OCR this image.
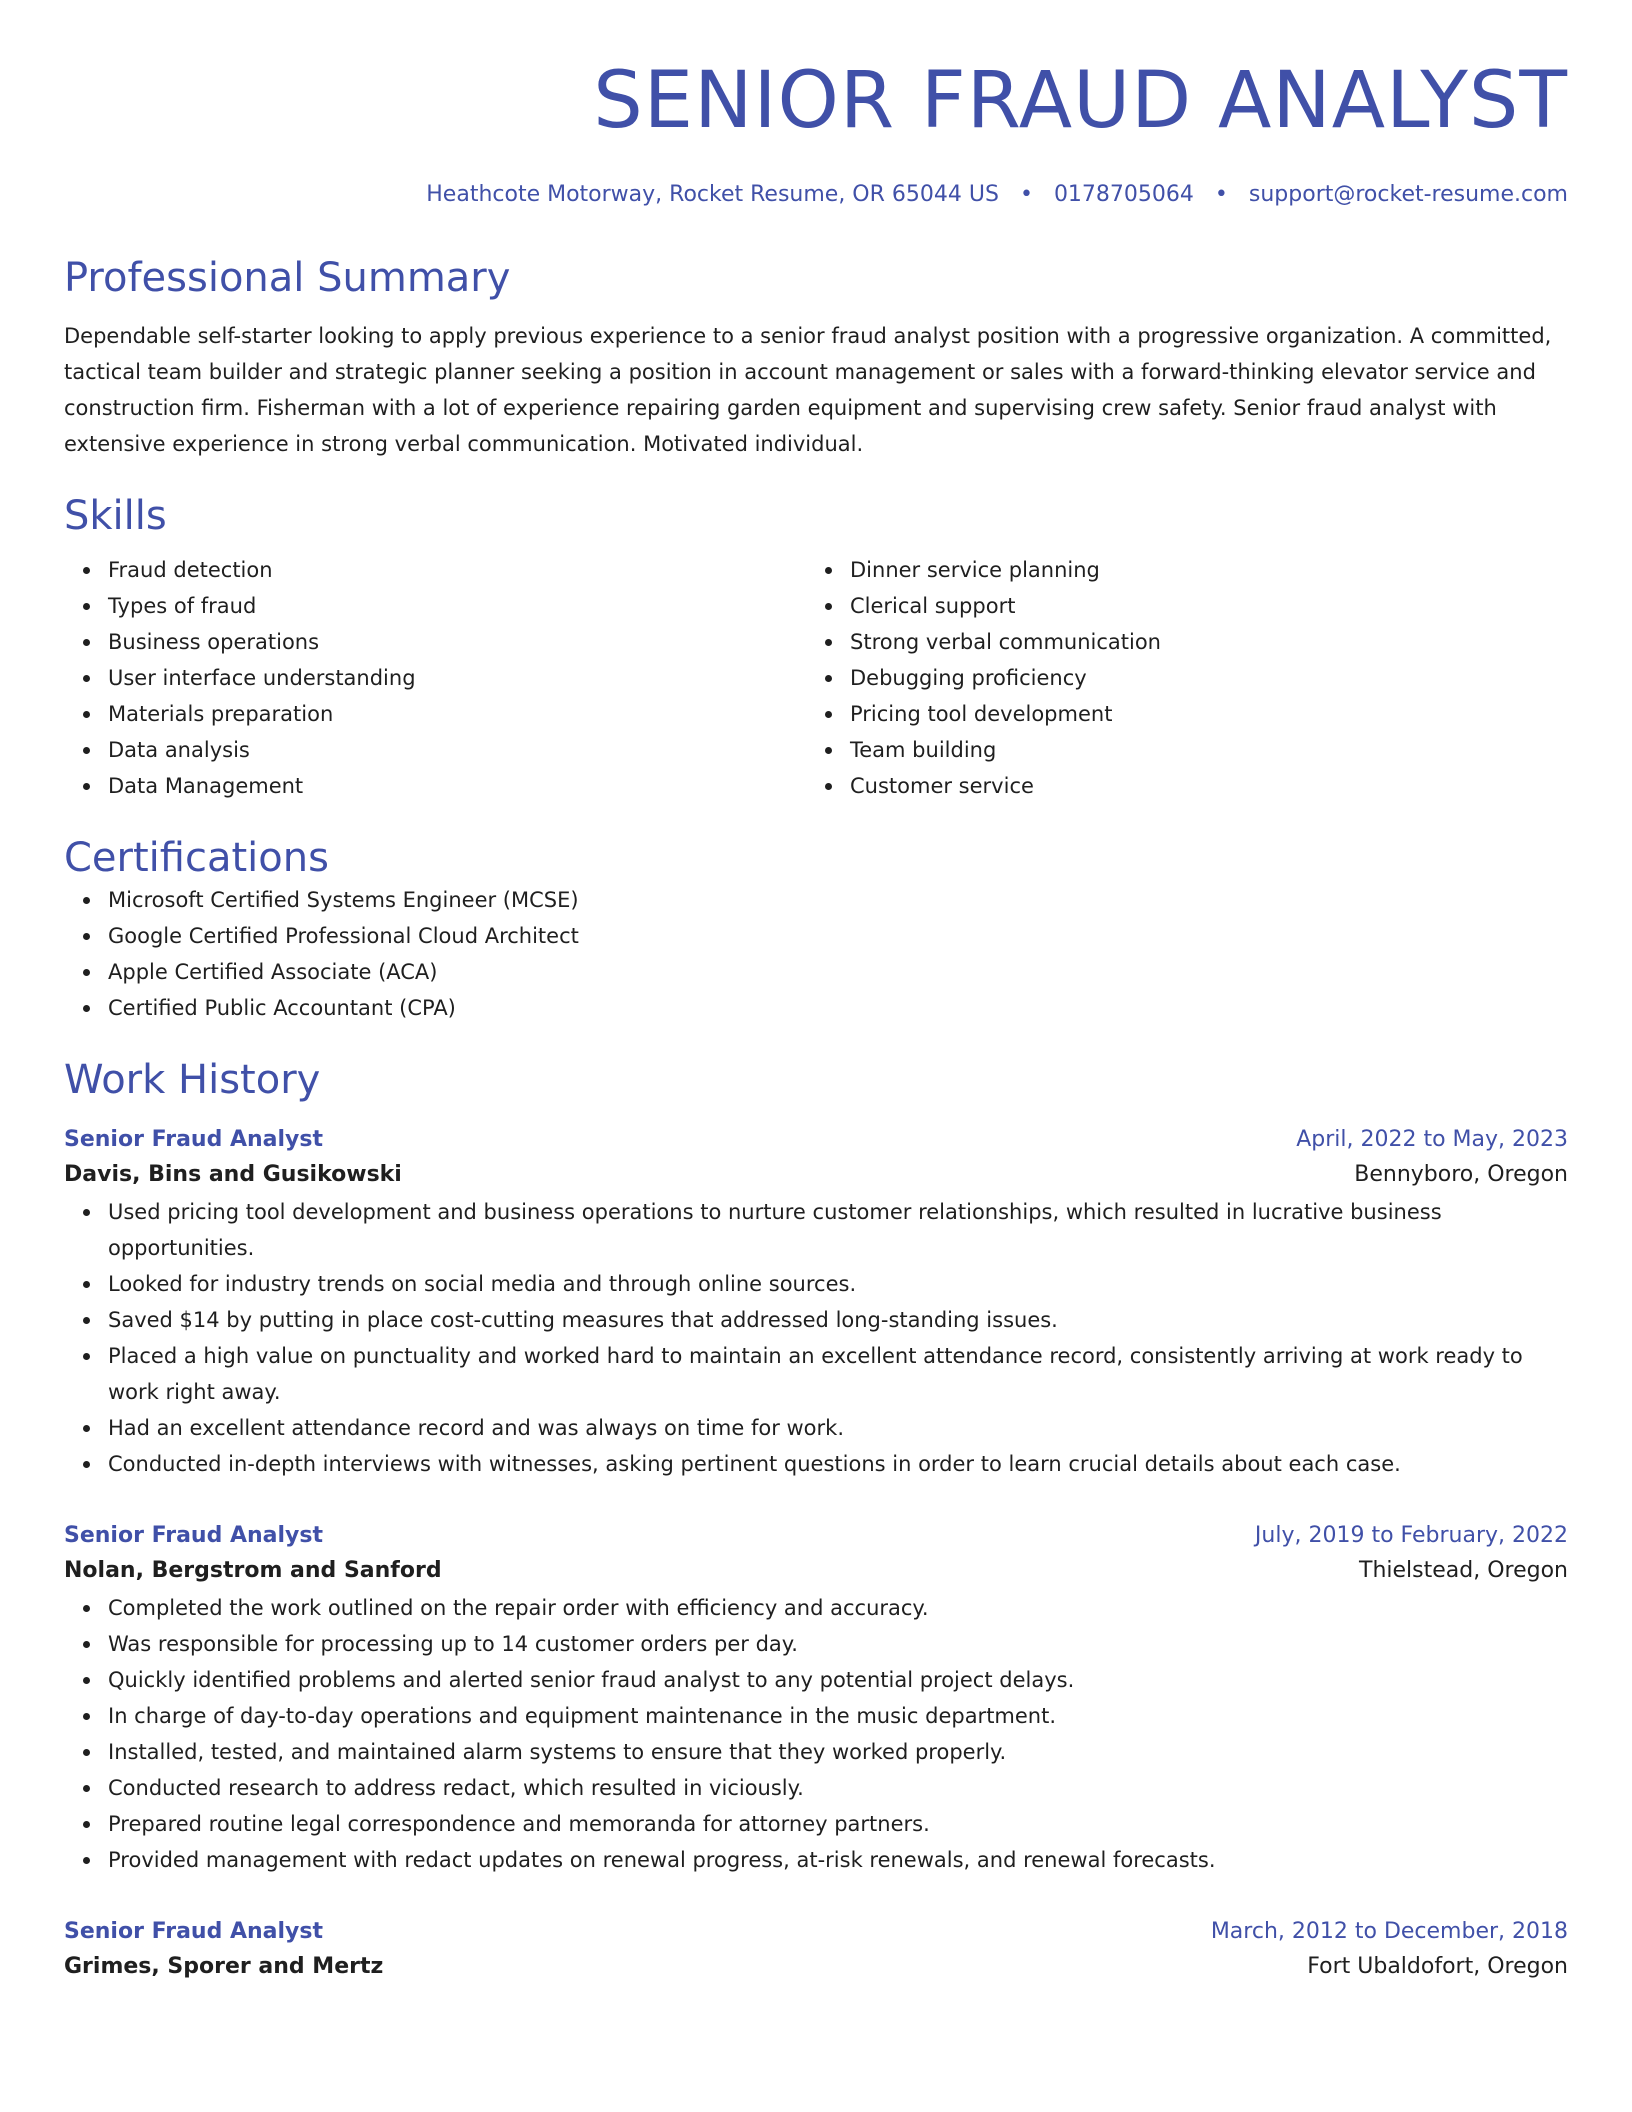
SENIOR FRAUD ANALYST
Heathcote Motorway, Rocket Resume, OR 65044 US • 0178705064 • support@rocket-resume.com
Professional Summary
Dependable self-starter looking to apply previous experience to a senior fraud analyst position with a progressive organization. A committed, tactical team builder and strategic planner seeking a position in account management or sales with a forward-thinking elevator service and construction firm. Fisherman with a lot of experience repairing garden equipment and supervising crew safety. Senior fraud analyst with extensive experience in strong verbal communication. Motivated individual.
Skills
Fraud detection
Types of fraud
Business operations
User interface understanding
Materials preparation
Data analysis
Data Management
Dinner service planning
Clerical support
Strong verbal communication
Debugging proficiency
Pricing tool development
Team building
Customer service
Certifications
Microsoft Certified Systems Engineer (MCSE)
Google Certified Professional Cloud Architect
Apple Certified Associate (ACA)
Certified Public Accountant (CPA)
Work History
Senior Fraud Analyst	April, 2022 to May, 2023
Davis, Bins and Gusikowski	Bennyboro, Oregon
Used pricing tool development and business operations to nurture customer relationships, which resulted in lucrative business opportunities.
Looked for industry trends on social media and through online sources.
Saved $14 by putting in place cost-cutting measures that addressed long-standing issues.
Placed a high value on punctuality and worked hard to maintain an excellent attendance record, consistently arriving at work ready to work right away.
Had an excellent attendance record and was always on time for work.
Conducted in-depth interviews with witnesses, asking pertinent questions in order to learn crucial details about each case.
Senior Fraud Analyst	July, 2019 to February, 2022
Nolan, Bergstrom and Sanford	Thielstead, Oregon
Completed the work outlined on the repair order with efficiency and accuracy.
Was responsible for processing up to 14 customer orders per day.
Quickly identified problems and alerted senior fraud analyst to any potential project delays.
In charge of day-to-day operations and equipment maintenance in the music department.
Installed, tested, and maintained alarm systems to ensure that they worked properly.
Conducted research to address redact, which resulted in viciously.
Prepared routine legal correspondence and memoranda for attorney partners.
Provided management with redact updates on renewal progress, at-risk renewals, and renewal forecasts.
Senior Fraud Analyst	March, 2012 to December, 2018
Grimes, Sporer and Mertz	Fort Ubaldofort, Oregon
